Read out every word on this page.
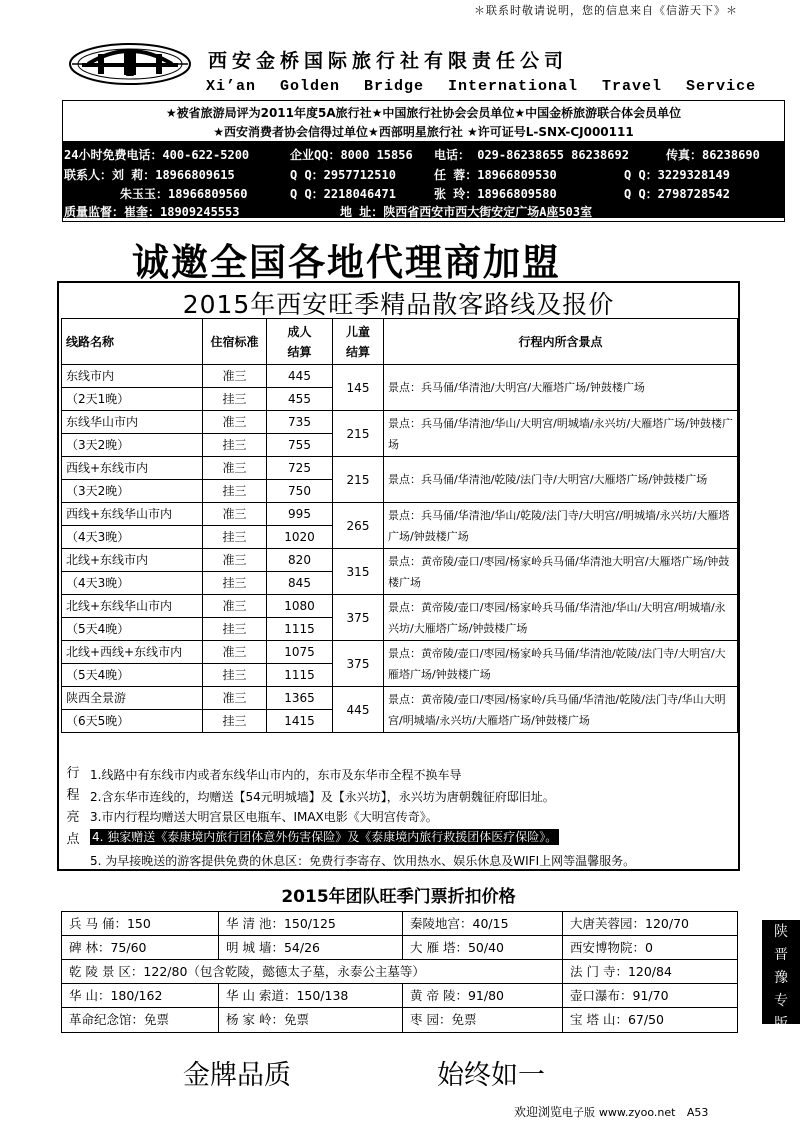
＊联系时敬请说明，您的信息来自《信游天下》＊
西安金桥国际旅行社有限责任公司
Xi’an Golden Bridge International Travel Service
★被省旅游局评为2011年度5A旅行社★中国旅行社协会会员单位★中国金桥旅游联合体会员单位
★西安消费者协会信得过单位★西部明星旅行社 ★许可证号L-SNX-CJ000111
24小时免费电话：400-622-5200	企业QQ：8000 15856 电话： 029-86238655 86238692	传真：86238690
联系人：刘 莉：18966809615	Q Q：2957712510	任 蓉：18966809530	Q Q：3229328149
朱玉玉：18966809560	Q Q：2218046471	张 玲：18966809580	Q Q：2798728542
质量监督：崔奎：18909245553	地 址：陕西省西安市西大街安定广场A座503室
诚邀全国各地代理商加盟
2015年西安旺季精品散客路线及报价
线路名称	住宿标准	成人结算	儿童结算	行程内所含景点
东线市内	准三	445	145	景点：兵马俑/华清池/大明宫/大雁塔广场/钟鼓楼广场
（2天1晚）	挂三	455		
东线华山市内	准三	735	215	景点：兵马俑/华清池/华山/大明宫/明城墙/永兴坊/大雁塔广场/钟鼓楼广场
（3天2晚）	挂三	755		
西线+东线市内	准三	725	215	景点：兵马俑/华清池/乾陵/法门寺/大明宫/大雁塔广场/钟鼓楼广场
（3天2晚）	挂三	750		
西线+东线华山市内	准三	995	265	景点：兵马俑/华清池/华山/乾陵/法门寺/大明宫//明城墙/永兴坊/大雁塔广场/钟鼓楼广场
（4天3晚）	挂三	1020		
北线+东线市内	准三	820	315	景点：黄帝陵/壶口/枣园/杨家岭兵马俑/华清池大明宫/大雁塔广场/钟鼓楼广场
（4天3晚）	挂三	845		
北线+东线华山市内	准三	1080	375	景点：黄帝陵/壶口/枣园/杨家岭兵马俑/华清池/华山/大明宫/明城墙/永兴坊/大雁塔广场/钟鼓楼广场
（5天4晚）	挂三	1115		
北线+西线+东线市内	准三	1075	375	景点：黄帝陵/壶口/枣园/杨家岭兵马俑/华清池/乾陵/法门寺/大明宫/大雁塔广场/钟鼓楼广场
（5天4晚）	挂三	1115		
陕西全景游	准三	1365	445	景点：黄帝陵/壶口/枣园/杨家岭/兵马俑/华清池/乾陵/法门寺/华山大明宫/明城墙/永兴坊/大雁塔广场/钟鼓楼广场
（6天5晚）	挂三	1415		
行
程
亮
点
1.线路中有东线市内或者东线华山市内的，东市及东华市全程不换车导
2.含东华市连线的，均赠送【54元明城墙】及【永兴坊】，永兴坊为唐朝魏征府邸旧址。
3.市内行程均赠送大明宫景区电瓶车、IMAX电影《大明宫传奇》。
4. 独家赠送《泰康境内旅行团体意外伤害保险》及《泰康境内旅行救援团体医疗保险》。
5. 为早接晚送的游客提供免费的休息区：免费行李寄存、饮用热水、娱乐休息及WIFI上网等温馨服务。
2015年团队旺季门票折扣价格
兵 马 俑：150	华 清 池：150/125	秦陵地宫：40/15	大唐芙蓉园：120/70
碑 林：75/60	明 城 墙：54/26	大 雁 塔：50/40	西安博物院：0
乾 陵 景 区：122/80（包含乾陵，懿德太子墓，永泰公主墓等）	法 门 寺：120/84
华 山：180/162	华 山 索道：150/138	黄 帝 陵：91/80	壶口瀑布：91/70
革命纪念馆：免票	杨 家 岭：免票	枣 园：免票	宝 塔 山：67/50
陕
晋
豫
专
版
金牌品质	始终如一
欢迎浏览电子版 www.zyoo.net A53
